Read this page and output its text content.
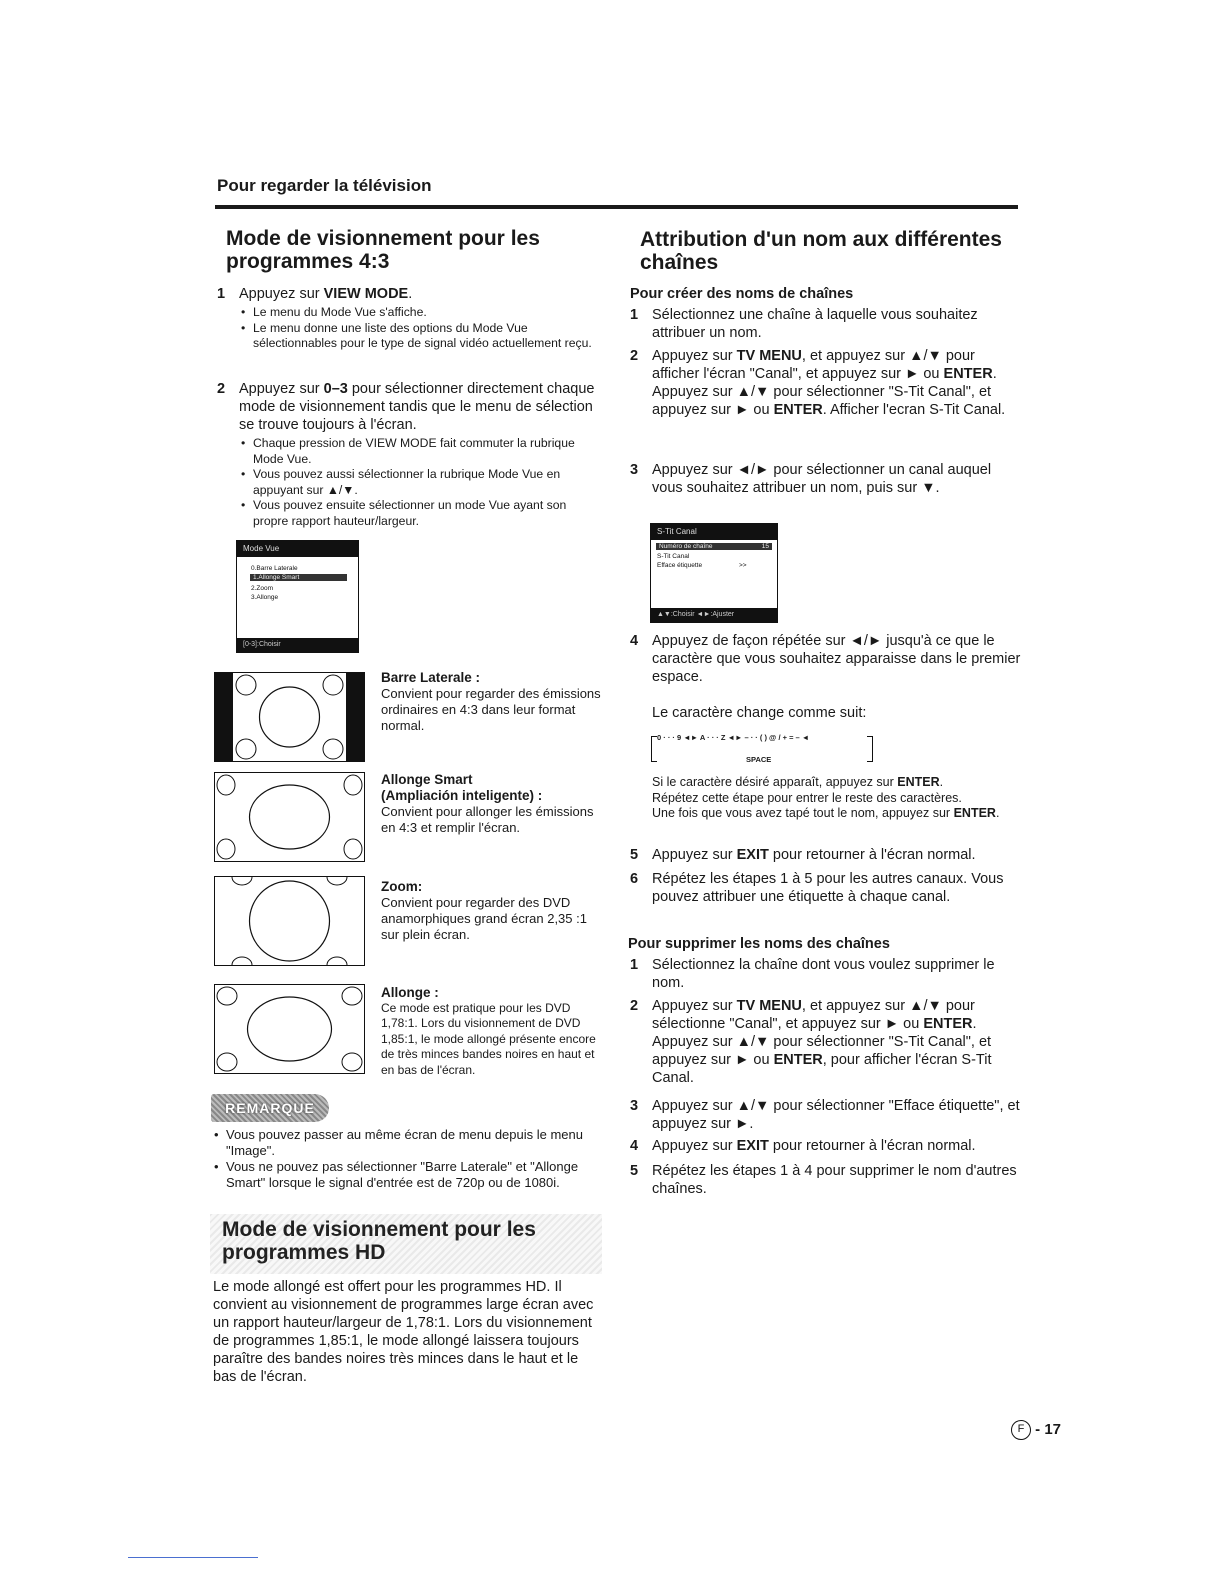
Pour regarder la télévision
Mode de visionnement pour les programmes 4:3
1 Appuyez sur VIEW MODE.
• Le menu du Mode Vue s'affiche.
• Le menu donne une liste des options du Mode Vue sélectionnables pour le type de signal vidéo actuellement reçu.
2 Appuyez sur 0–3 pour sélectionner directement chaque mode de visionnement tandis que le menu de sélection se trouve toujours à l'écran.
• Chaque pression de VIEW MODE fait commuter la rubrique Mode Vue.
• Vous pouvez aussi sélectionner la rubrique Mode Vue en appuyant sur ▲/▼.
• Vous pouvez ensuite sélectionner un mode Vue ayant son propre rapport hauteur/largeur.
Mode Vue
0.Barre Laterale
1.Allonge Smart
2.Zoom
3.Allonge
[0-3]:Choisir
Barre Laterale :
Convient pour regarder des émissions ordinaires en 4:3 dans leur format normal.
Allonge Smart
(Ampliación inteligente) :
Convient pour allonger les émissions en 4:3 et remplir l'écran.
Zoom:
Convient pour regarder des DVD anamorphiques grand écran 2,35 :1 sur plein écran.
Allonge :
Ce mode est pratique pour les DVD 1,78:1. Lors du visionnement de DVD 1,85:1, le mode allongé présente encore de très minces bandes noires en haut et en bas de l'écran.
REMARQUE
• Vous pouvez passer au même écran de menu depuis le menu "Image".
• Vous ne pouvez pas sélectionner "Barre Laterale" et "Allonge Smart" lorsque le signal d'entrée est de 720p ou de 1080i.
Mode de visionnement pour les programmes HD
Le mode allongé est offert pour les programmes HD. Il convient au visionnement de programmes large écran avec un rapport hauteur/largeur de 1,78:1. Lors du visionnement de programmes 1,85:1, le mode allongé laissera toujours paraître des bandes noires très minces dans le haut et le bas de l'écran.
Attribution d'un nom aux différentes chaînes
Pour créer des noms de chaînes
1 Sélectionnez une chaîne à laquelle vous souhaitez attribuer un nom.
2 Appuyez sur TV MENU, et appuyez sur ▲/▼ pour afficher l'écran "Canal", et appuyez sur ► ou ENTER.
Appuyez sur ▲/▼ pour sélectionner "S-Tit Canal", et appuyez sur ► ou ENTER. Afficher l'ecran S-Tit Canal.
3 Appuyez sur ◄/► pour sélectionner un canal auquel vous souhaitez attribuer un nom, puis sur ▼.
S-Tit Canal
Numéro de chaîne	15
S-Tit Canal
Efface étiquette	>>
▲▼:Choisir ◄►:Ajuster
4 Appuyez de façon répétée sur ◄/► jusqu'à ce que le caractère que vous souhaitez apparaisse dans le premier espace.
Le caractère change comme suit:
0 · · · 9 ◄► A · · · Z ◄► – · · ( ) @ / + = – ◄
SPACE
Si le caractère désiré apparaît, appuyez sur ENTER.
Répétez cette étape pour entrer le reste des caractères.
Une fois que vous avez tapé tout le nom, appuyez sur ENTER.
5 Appuyez sur EXIT pour retourner à l'écran normal.
6 Répétez les étapes 1 à 5 pour les autres canaux. Vous pouvez attribuer une étiquette à chaque canal.
Pour supprimer les noms des chaînes
1 Sélectionnez la chaîne dont vous voulez supprimer le nom.
2 Appuyez sur TV MENU, et appuyez sur ▲/▼ pour sélectionne "Canal", et appuyez sur ► ou ENTER.
Appuyez sur ▲/▼ pour sélectionner "S-Tit Canal", et appuyez sur ► ou ENTER, pour afficher l'écran S-Tit Canal.
3 Appuyez sur ▲/▼ pour sélectionner "Efface étiquette", et appuyez sur ►.
4 Appuyez sur EXIT pour retourner à l'écran normal.
5 Répétez les étapes 1 à 4 pour supprimer le nom d'autres chaînes.
F - 17
